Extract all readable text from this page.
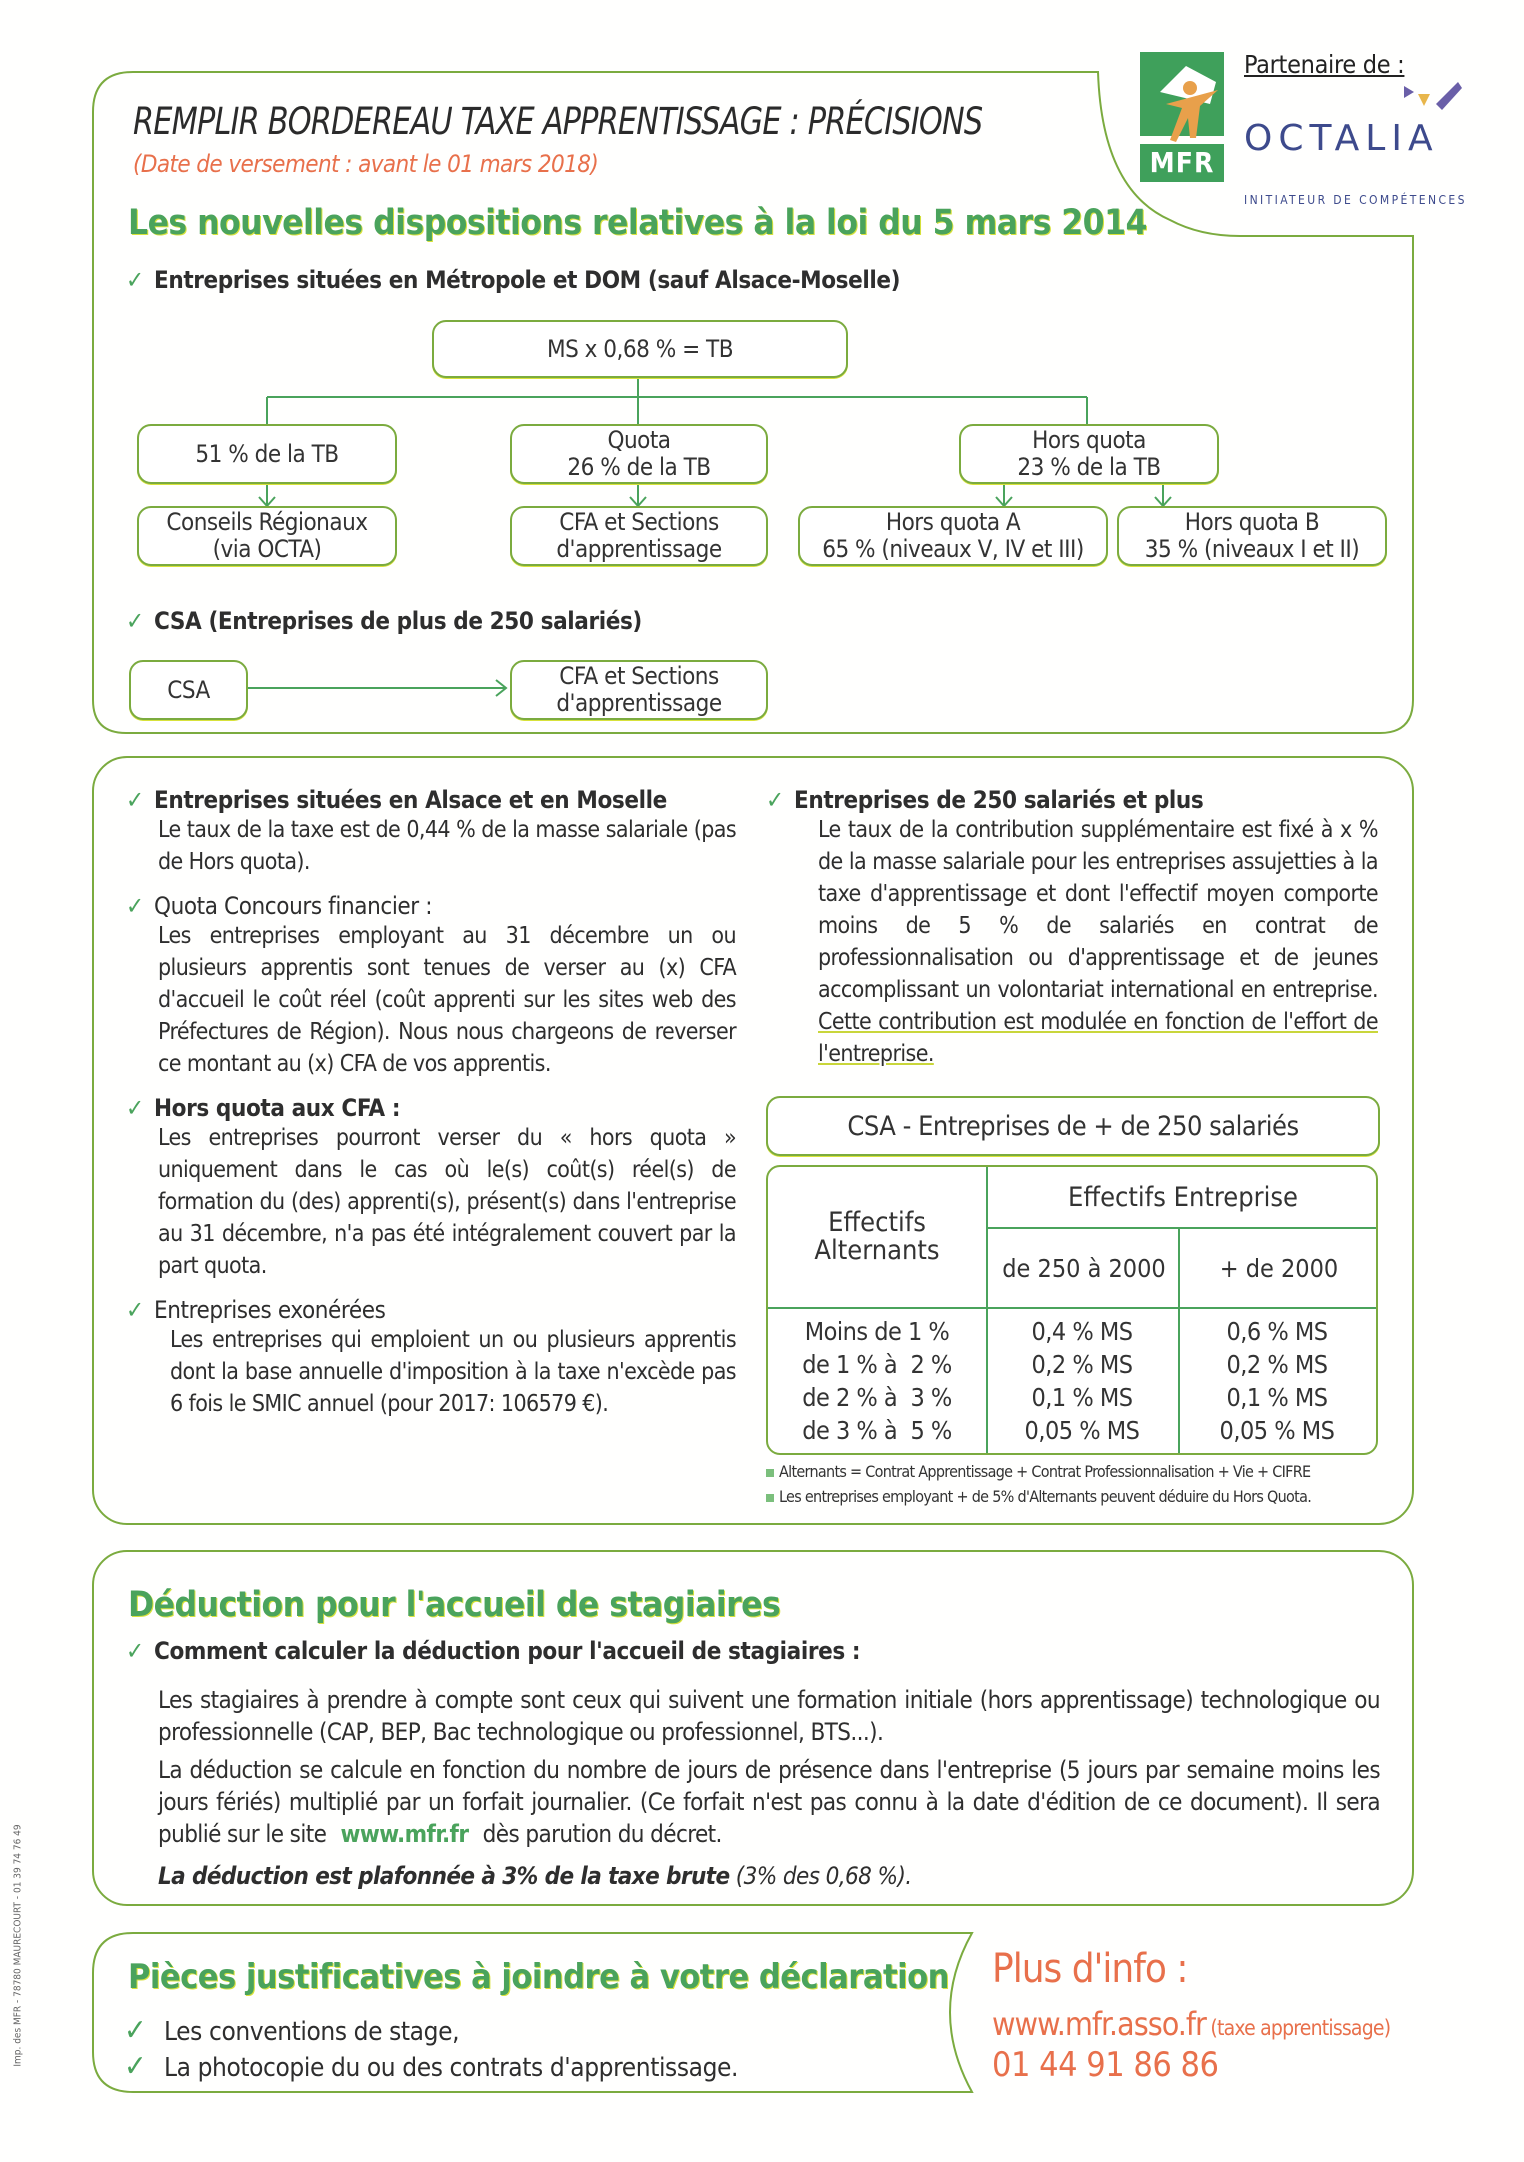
REMPLIR BORDEREAU TAXE APPRENTISSAGE : PRÉCISIONS
(Date de versement : avant le 01 mars 2018)	MFR
Partenaire de :
OCTALIA
INITIATEUR DE COMPÉTENCES
Les nouvelles dispositions relatives à la loi du 5 mars 2014
✓ Entreprises situées en Métropole et DOM (sauf Alsace-Moselle)
MS x 0,68 % = TB
51 % de la TB	Quota
26 % de la TB
Hors quota
23 % de la TB
Conseils Régionaux
(via OCTA)
CFA et Sections
d'apprentissage
Hors quota A
65 % (niveaux V, IV et III)
Hors quota B
35 % (niveaux I et II)
✓ CSA (Entreprises de plus de 250 salariés)
CSA	CFA et Sections
d'apprentissage
✓ Entreprises situées en Alsace et en Moselle
Le taux de la taxe est de 0,44 % de la masse salariale (pas de Hors quota).
✓ Quota Concours financier :
Les entreprises employant au 31 décembre un ou plusieurs apprentis sont tenues de verser au (x) CFA d'accueil le coût réel (coût apprenti sur les sites web des Préfectures de Région). Nous nous chargeons de reverser ce montant au (x) CFA de vos apprentis.
✓ Hors quota aux CFA :
Les entreprises pourront verser du « hors quota » uniquement dans le cas où le(s) coût(s) réel(s) de formation du (des) apprenti(s), présent(s) dans l'entreprise au 31 décembre, n'a pas été intégralement couvert par la part quota.
✓ Entreprises exonérées
Les entreprises qui emploient un ou plusieurs apprentis dont la base annuelle d'imposition à la taxe n'excède pas 6 fois le SMIC annuel (pour 2017: 106579 €).
✓ Entreprises de 250 salariés et plus
Le taux de la contribution supplémentaire est fixé à x % de la masse salariale pour les entreprises assujetties à la taxe d'apprentissage et dont l'effectif moyen comporte moins de 5 % de salariés en contrat de professionnalisation ou d'apprentissage et de jeunes accomplissant un volontariat international en entreprise. Cette contribution est modulée en fonction de l'effort de l'entreprise.
CSA - Entreprises de + de 250 salariés
Effectifs Alternants
Effectifs Entreprise
de 250 à 2000	+ de 2000
Moins de 1 %	0,4 % MS	0,6 % MS
de 1 % à  2 %	0,2 % MS	0,2 % MS
de 2 % à  3 %	0,1 % MS	0,1 % MS
de 3 % à  5 %	0,05 % MS	0,05 % MS
Alternants = Contrat Apprentissage + Contrat Professionnalisation + Vie + CIFRE
Les entreprises employant + de 5% d'Alternants peuvent déduire du Hors Quota.
Déduction pour l'accueil de stagiaires
✓ Comment calculer la déduction pour l'accueil de stagiaires :
Les stagiaires à prendre à compte sont ceux qui suivent une formation initiale (hors apprentissage) technologique ou professionnelle (CAP, BEP, Bac technologique ou professionnel, BTS...).
La déduction se calcule en fonction du nombre de jours de présence dans l'entreprise (5 jours par semaine moins les jours fériés) multiplié par un forfait journalier. (Ce forfait n'est pas connu à la date d'édition de ce document). Il sera publié sur le site www.mfr.fr dès parution du décret.
La déduction est plafonnée à 3% de la taxe brute (3% des 0,68 %).
Pièces justificatives à joindre à votre déclaration
✓ Les conventions de stage,
✓ La photocopie du ou des contrats d'apprentissage.
Plus d'info :
www.mfr.asso.fr (taxe apprentissage)
01 44 91 86 86
Imp. des MFR - 78780 MAURECOURT - 01 39 74 76 49
